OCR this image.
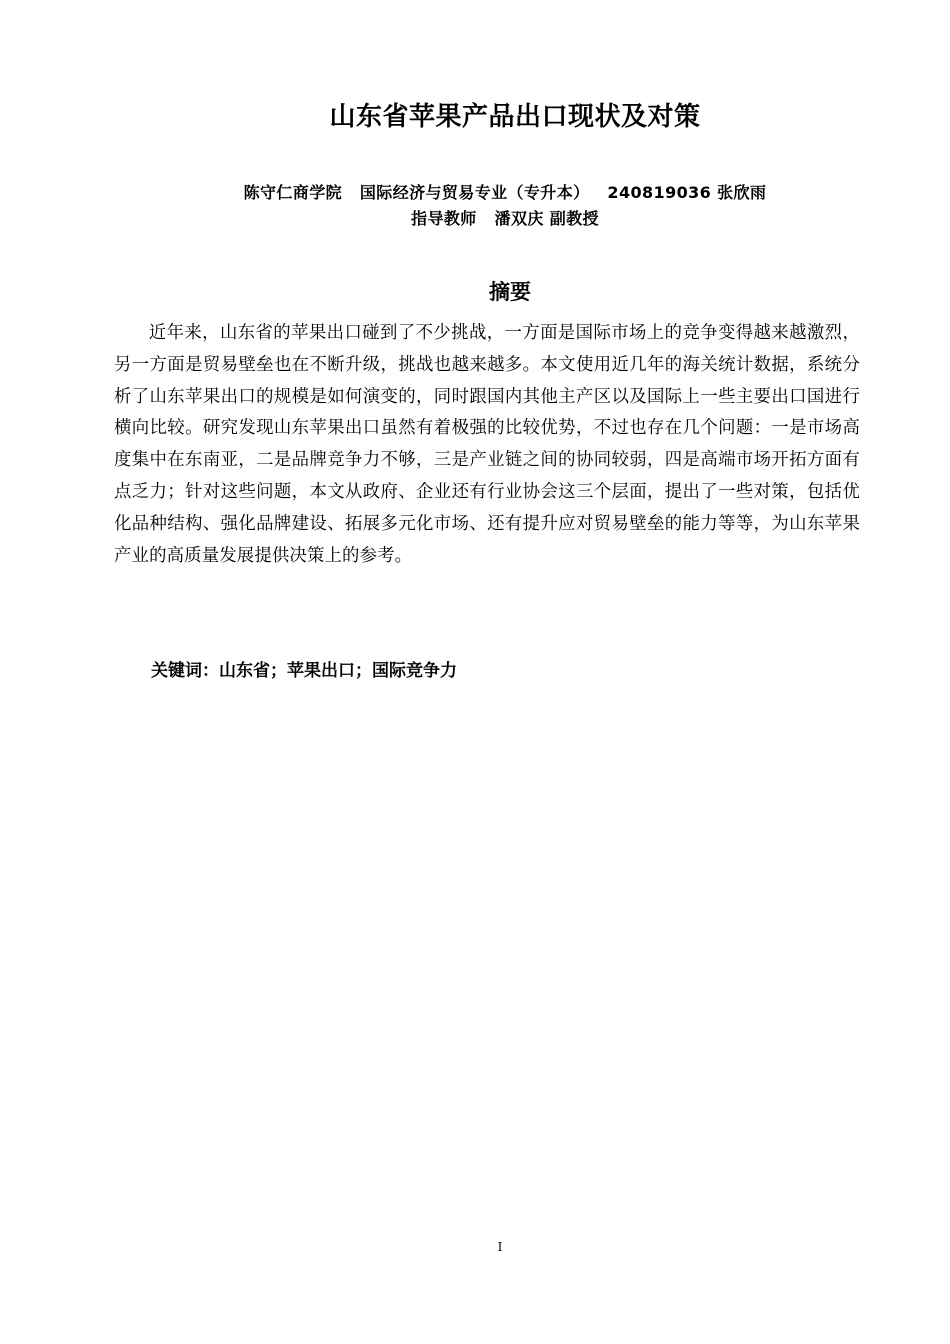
山东省苹果产品出口现状及对策
陈守仁商学院   国际经济与贸易专业（专升本）   240819036 张欣雨
指导教师   潘双庆 副教授
摘要

近年来，山东省的苹果出口碰到了不少挑战，一方面是国际市场上的竞争变得越来越激烈，另一方面是贸易壁垒也在不断升级，挑战也越来越多。本文使用近几年的海关统计数据，系统分析了山东苹果出口的规模是如何演变的，同时跟国内其他主产区以及国际上一些主要出口国进行横向比较。研究发现山东苹果出口虽然有着极强的比较优势，不过也存在几个问题：一是市场高度集中在东南亚，二是品牌竞争力不够，三是产业链之间的协同较弱，四是高端市场开拓方面有点乏力；针对这些问题，本文从政府、企业还有行业协会这三个层面，提出了一些对策，包括优化品种结构、强化品牌建设、拓展多元化市场、还有提升应对贸易壁垒的能力等等，为山东苹果产业的高质量发展提供决策上的参考。

关键词：山东省；苹果出口；国际竞争力
I
